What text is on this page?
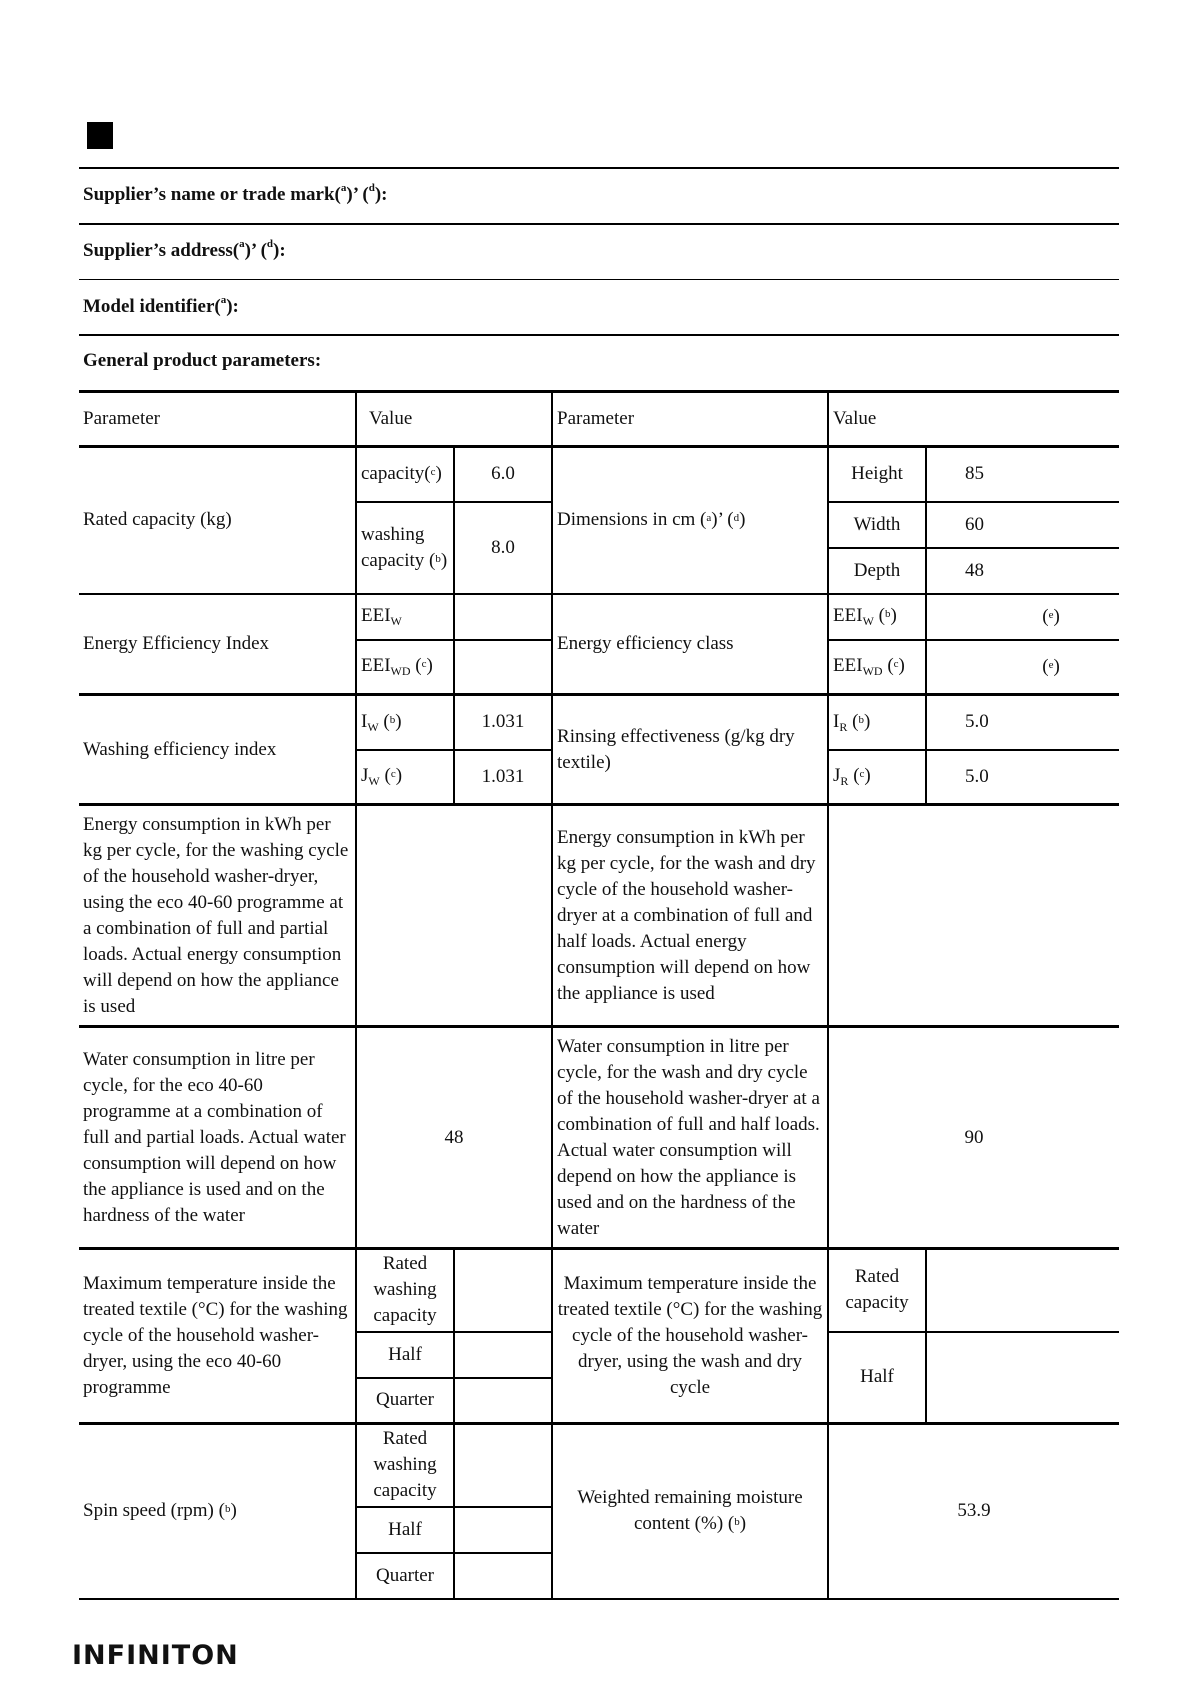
Supplier’s name or trade mark($^a$)’ ($^d$):
Supplier’s address($^a$)’ ($^d$):
Model identifier($^a$):
General product parameters:
Parameter	Value		Parameter	Value	
Rated capacity (kg)	capacity($^c$)	6.0	Dimensions in cm ($^a$)’ ($^d$)	Height	85
	washing capacity ($^b$)	8.0		Width	60
				Depth	48
Energy Efficiency Index	$EEI_W$		Energy efficiency class	$EEI_W$ ($^b$)	($^e$)
	$EEI_{WD}$ ($^c$)			$EEI_{WD}$ ($^c$)	($^e$)
Washing efficiency index	$I_W$ ($^b$)	1.031	Rinsing effectiveness (g/kg dry textile)	$I_R$ ($^b$)	5.0
	$J_W$ ($^c$)	1.031		$J_R$ ($^c$)	5.0
Energy consumption in kWh per kg per cycle, for the washing cycle of the household washer-dryer, using the eco 40-60 programme at a combination of full and partial loads. Actual energy consumption will depend on how the appliance is used		Energy consumption in kWh per kg per cycle, for the wash and dry cycle of the household washer-dryer at a combination of full and half loads. Actual energy consumption will depend on how the appliance is used	
Water consumption in litre per cycle, for the eco 40-60 programme at a combination of full and partial loads. Actual water consumption will depend on how the appliance is used and on the hardness of the water	48	Water consumption in litre per cycle, for the wash and dry cycle of the household washer-dryer at a combination of full and half loads. Actual water consumption will depend on how the appliance is used and on the hardness of the water	90
Maximum temperature inside the treated textile (°C) for the washing cycle of the household washer- dryer, using the eco 40-60 programme	Rated washing capacity		Maximum temperature inside the treated textile (°C) for the washing cycle of the household washer-dryer, using the wash and dry cycle	Rated capacity	
	Half			Half	
	Quarter				
Spin speed (rpm) ($^b$)	Rated washing capacity		Weighted remaining moisture content (%) ($^b$)	53.9	
	Half				
	Quarter				
INFINITON
